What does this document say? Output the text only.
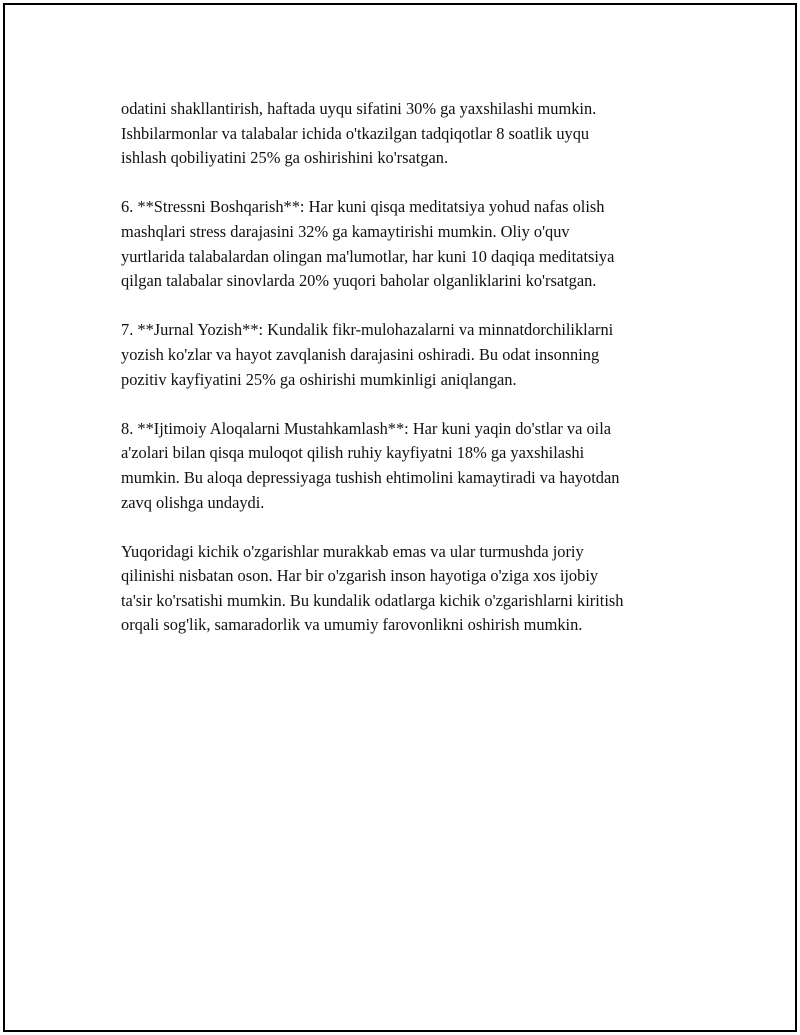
odatini shakllantirish, haftada uyqu sifatini 30% ga yaxshilashi mumkin.
Ishbilarmonlar va talabalar ichida o'tkazilgan tadqiqotlar 8 soatlik uyqu
ishlash qobiliyatini 25% ga oshirishini ko'rsatgan.

6. **Stressni Boshqarish**: Har kuni qisqa meditatsiya yohud nafas olish
mashqlari stress darajasini 32% ga kamaytirishi mumkin. Oliy o'quv
yurtlarida talabalardan olingan ma'lumotlar, har kuni 10 daqiqa meditatsiya
qilgan talabalar sinovlarda 20% yuqori baholar olganliklarini ko'rsatgan.

7. **Jurnal Yozish**: Kundalik fikr-mulohazalarni va minnatdorchiliklarni
yozish ko'zlar va hayot zavqlanish darajasini oshiradi. Bu odat insonning
pozitiv kayfiyatini 25% ga oshirishi mumkinligi aniqlangan.

8. **Ijtimoiy Aloqalarni Mustahkamlash**: Har kuni yaqin do'stlar va oila
a'zolari bilan qisqa muloqot qilish ruhiy kayfiyatni 18% ga yaxshilashi
mumkin. Bu aloqa depressiyaga tushish ehtimolini kamaytiradi va hayotdan
zavq olishga undaydi.

Yuqoridagi kichik o'zgarishlar murakkab emas va ular turmushda joriy
qilinishi nisbatan oson. Har bir o'zgarish inson hayotiga o'ziga xos ijobiy
ta'sir ko'rsatishi mumkin. Bu kundalik odatlarga kichik o'zgarishlarni kiritish
orqali sog'lik, samaradorlik va umumiy farovonlikni oshirish mumkin.
